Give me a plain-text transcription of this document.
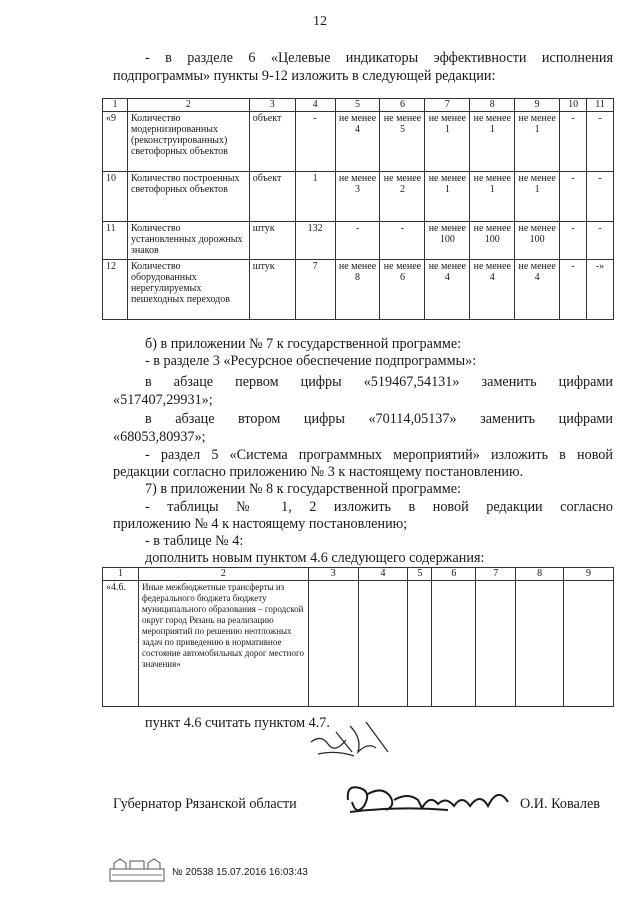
12
- в разделе 6 «Целевые индикаторы эффективности исполнения
подпрограммы» пункты 9-12 изложить в следующей редакции:
1	2	3	4	5	6	7	8	9	10	11
«9	Количество модернизированных (реконструированных) светофорных объектов	объект	-	не менее 4	не менее 5	не менее 1	не менее 1	не менее 1	-	-
10	Количество построенных светофорных объектов	объект	1	не менее 3	не менее 2	не менее 1	не менее 1	не менее 1	-	-
11	Количество установленных дорожных знаков	штук	132	-	-	не менее 100	не менее 100	не менее 100	-	-
12	Количество оборудованных нерегулируемых пешеходных переходов	штук	7	не менее 8	не менее 6	не менее 4	не менее 4	не менее 4	-	-»
б) в приложении № 7 к государственной программе:
- в разделе 3 «Ресурсное обеспечение подпрограммы»:
в абзаце первом цифры «519467,54131» заменить цифрами
«517407,29931»;
в абзаце втором цифры «70114,05137» заменить цифрами
«68053,80937»;
- раздел 5 «Система программных мероприятий» изложить в новой
редакции согласно приложению № 3 к настоящему постановлению.
7) в приложении № 8 к государственной программе:
- таблицы № 1, 2 изложить в новой редакции согласно
приложению № 4 к настоящему постановлению;
- в таблице № 4:
дополнить новым пунктом 4.6 следующего содержания:
1	2	3	4	5	6	7	8	9
«4.6.	Иные межбюджетные трансферты из федерального бюджета бюджету муниципального образования – городской округ город Рязань на реализацию мероприятий по решению неотложных задач по приведению в нормативное состояние автомобильных дорог местного значения»							
пункт 4.6 считать пунктом 4.7.
Губернатор Рязанской области	О.И. Ковалев
№ 20538 15.07.2016 16:03:43
